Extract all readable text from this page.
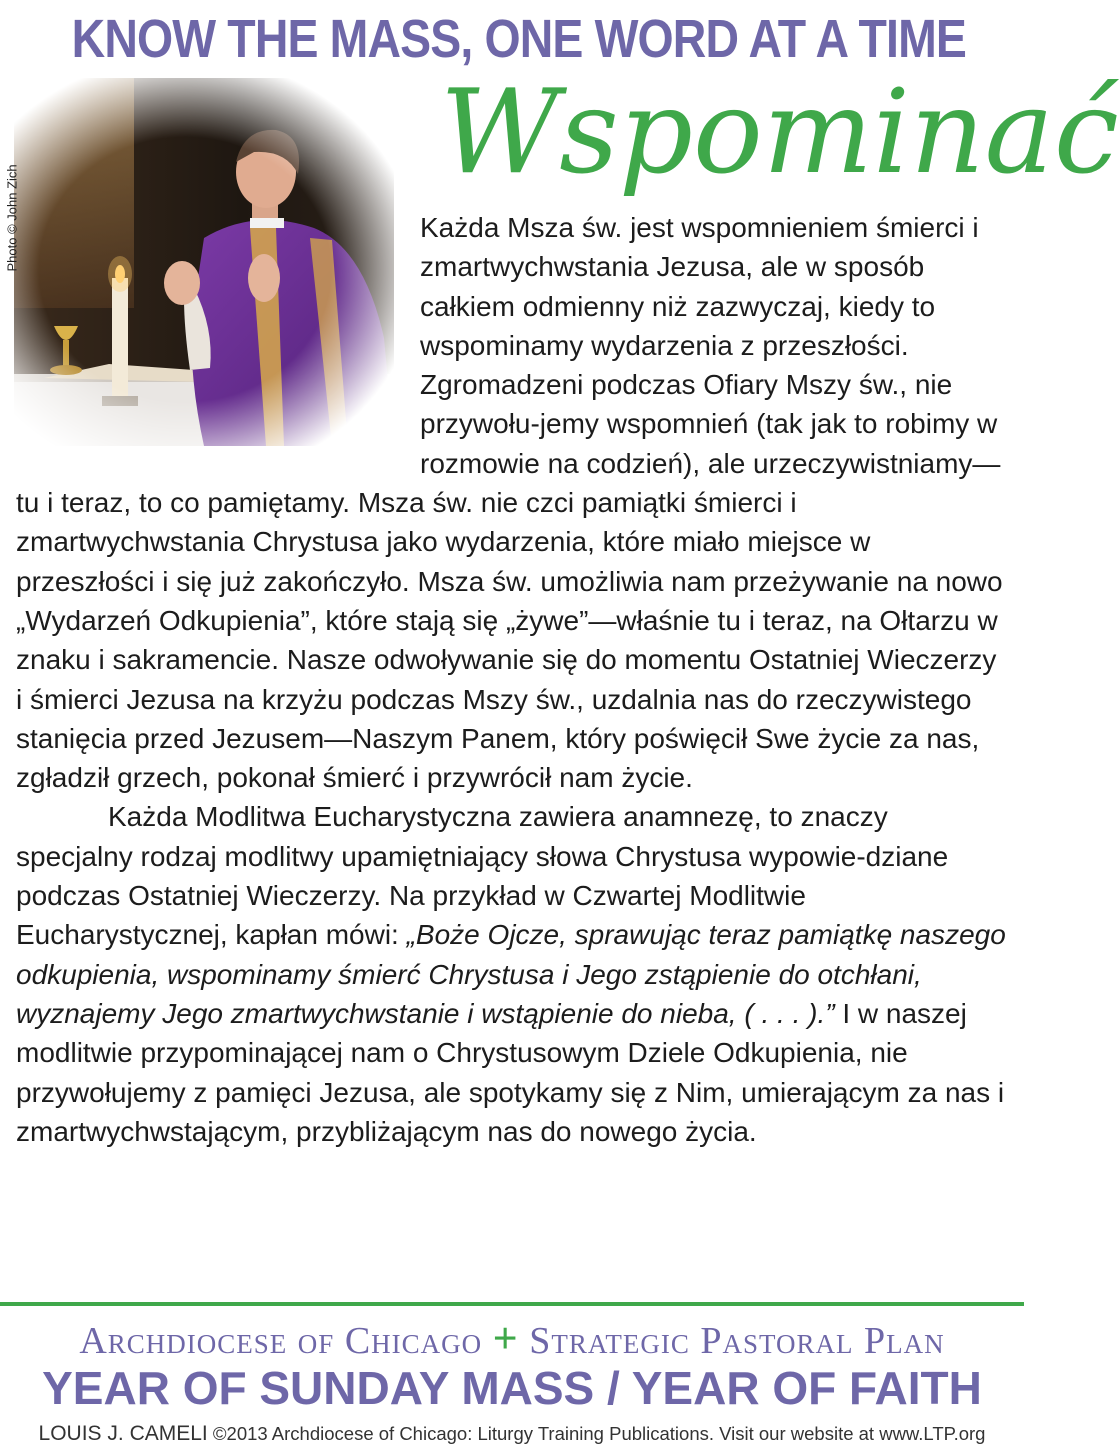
KNOW THE MASS, ONE WORD AT A TIME
Wspominać
Photo © John Zich	Każda Msza św. jest wspomnieniem śmierci i zmartwychwstania Jezusa, ale w sposób całkiem odmienny niż zazwyczaj, kiedy to wspominamy wydarzenia z przeszłości. Zgromadzeni podczas Ofiary Mszy św., nie przywołu-jemy wspomnień (tak jak to robimy w rozmowie na codzień), ale urzeczywistniamy—tu i teraz, to co pamiętamy. Msza św. nie czci pamiątki śmierci i zmartwychwstania Chrystusa jako wydarzenia, które miało miejsce w przeszłości i się już zakończyło. Msza św. umożliwia nam przeżywanie na nowo „Wydarzeń Odkupienia”, które stają się „żywe”—właśnie tu i teraz, na Ołtarzu w znaku i sakramencie. Nasze odwoływanie się do momentu Ostatniej Wieczerzy i śmierci Jezusa na krzyżu podczas Mszy św., uzdalnia nas do rzeczywistego stanięcia przed Jezusem—Naszym Panem, który poświęcił Swe życie za nas, zgładził grzech, pokonał śmierć i przywrócił nam życie.

Każda Modlitwa Eucharystyczna zawiera anamnezę, to znaczy specjalny rodzaj modlitwy upamiętniający słowa Chrystusa wypowie-dziane podczas Ostatniej Wieczerzy. Na przykład w Czwartej Modlitwie Eucharystycznej, kapłan mówi: „Boże Ojcze, sprawując teraz pamiątkę naszego odkupienia, wspominamy śmierć Chrystusa i Jego zstąpienie do otchłani, wyznajemy Jego zmartwychwstanie i wstąpienie do nieba, ( . . . ).” I w naszej modlitwie przypominającej nam o Chrystusowym Dziele Odkupienia, nie przywołujemy z pamięci Jezusa, ale spotykamy się z Nim, umierającym za nas i zmartwychwstającym, przybliżającym nas do nowego życia.

Archdiocese of Chicago + Strategic Pastoral Plan
YEAR OF SUNDAY MASS / YEAR OF FAITH
LOUIS J. CAMELI ©2013 Archdiocese of Chicago: Liturgy Training Publications. Visit our website at www.LTP.org
